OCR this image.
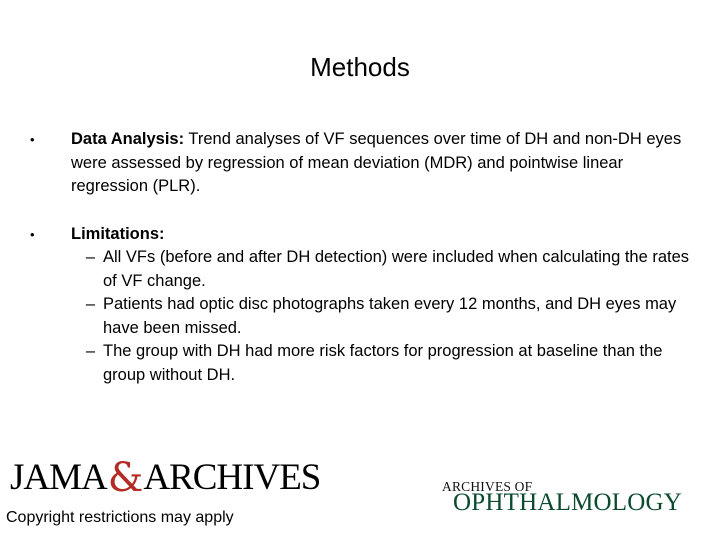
Methods
•	Data Analysis: Trend analyses of VF sequences over time of DH and non-DH eyes were assessed by regression of mean deviation (MDR) and pointwise linear regression (PLR).
•	Limitations:
– All VFs (before and after DH detection) were included when calculating the rates of VF change.
– Patients had optic disc photographs taken every 12 months, and DH eyes may have been missed.
– The group with DH had more risk factors for progression at baseline than the group without DH.
JAMA & ARCHIVES
Copyright restrictions may apply
ARCHIVES OF
OPHTHALMOLOGY
